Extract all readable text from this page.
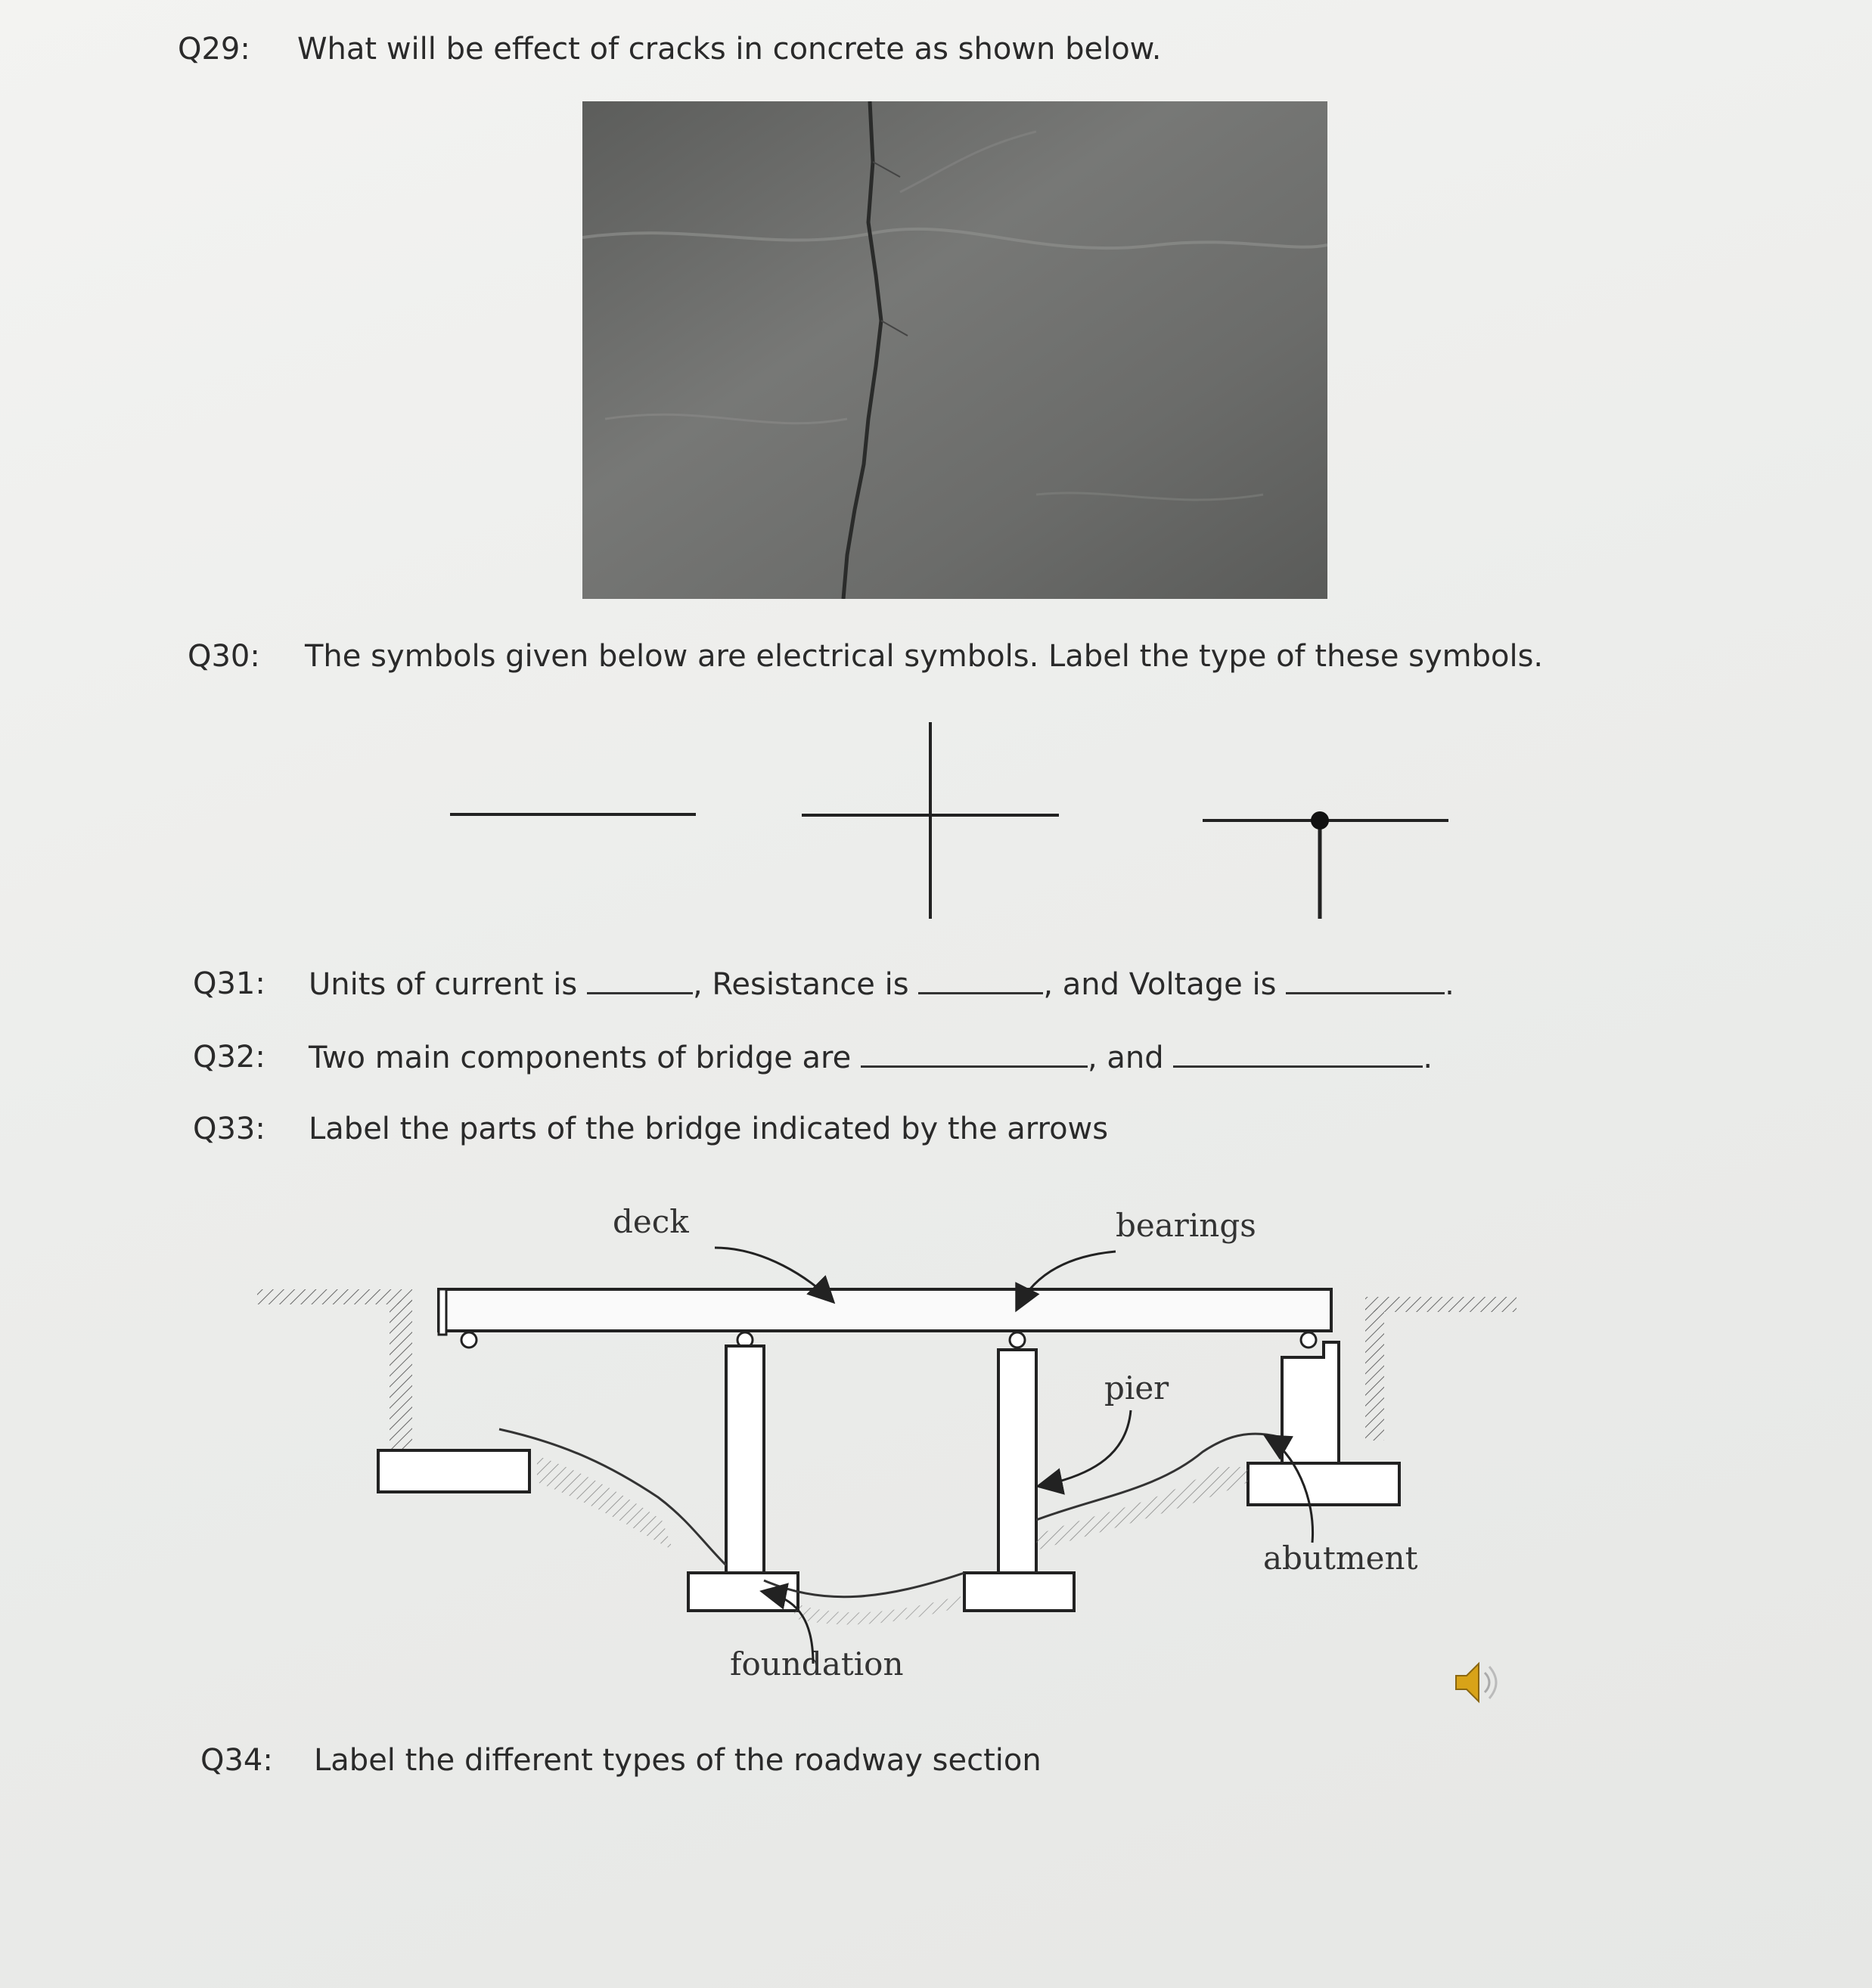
Q29: What will be effect of cracks in concrete as shown below.
Q30: The symbols given below are electrical symbols. Label the type of these symbols.
Q31: Units of current is	, Resistance is	, and Voltage is	.
Q32: Two main components of bridge are	, and	.
Q33: Label the parts of the bridge indicated by the arrows
deck	bearings
pier
abutment
foundation
Q34: Label the different types of the roadway section
